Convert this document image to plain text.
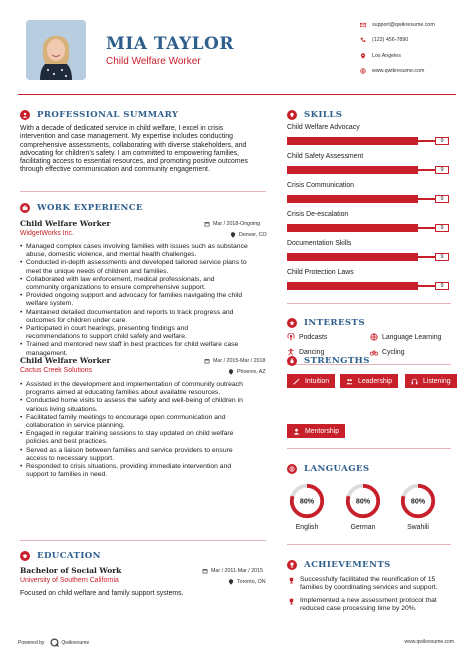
MIA TAYLOR
Child Welfare Worker
support@qwikresume.com
(123) 456-7890
Los Angeles
www.qwikresume.com
PROFESSIONAL SUMMARY
With a decade of dedicated service in child welfare, I excel in crisis
intervention and case management. My expertise includes conducting
comprehensive assessments, collaborating with diverse stakeholders, and
advocating for children's safety. I am committed to empowering families,
facilitating access to essential resources, and promoting positive outcomes
through effective communication and community engagement.
WORK EXPERIENCE
Child Welfare Worker	Mar / 2018-Ongoing
WidgetWorks Inc.	Denver, CO
• Managed complex cases involving families with issues such as substance
abuse, domestic violence, and mental health challenges.
• Conducted in-depth assessments and developed tailored service plans to
meet the unique needs of children and families.
• Collaborated with law enforcement, medical professionals, and
community organizations to ensure comprehensive support.
• Provided ongoing support and advocacy for families navigating the child
welfare system.
• Maintained detailed documentation and reports to track progress and
outcomes for children under care.
• Participated in court hearings, presenting findings and
recommendations to support child safety and welfare.
• Trained and mentored new staff in best practices for child welfare case
management.
Child Welfare Worker	Mar / 2015-Mar / 2018
Cactus Creek Solutions	Phoenix, AZ
• Assisted in the development and implementation of community outreach
programs aimed at educating families about available resources.
• Conducted home visits to assess the safety and well-being of children in
various living situations.
• Facilitated family meetings to encourage open communication and
collaboration in service planning.
• Engaged in regular training sessions to stay updated on child welfare
policies and best practices.
• Served as a liaison between families and service providers to ensure
access to necessary support.
• Responded to crisis situations, providing immediate intervention and
support to families in need.
EDUCATION
Bachelor of Social Work	Mar / 2011-Mar / 2015
University of Southern California	Toronto, ON
Focused on child welfare and family support systems.
SKILLS
Child Welfare Advocacy
9
Child Safety Assessment
9
Crisis Communication
9
Crisis De-escalation
9
Documentation Skills
9
Child Protection Laws
9
INTERESTS
Podcasts	Language Learning
Dancing	Cycling
STRENGTHS
Intuition	Leadership	Listening
Mentorship
LANGUAGES
80%	80%	80%
English	German	Swahili
ACHIEVEMENTS
Successfully facilitated the reunification of 15
families by coordinating services and support.
Implemented a new assessment protocol that
reduced case processing time by 20%.
Powered by	Qwikresume	www.qwikresume.com
